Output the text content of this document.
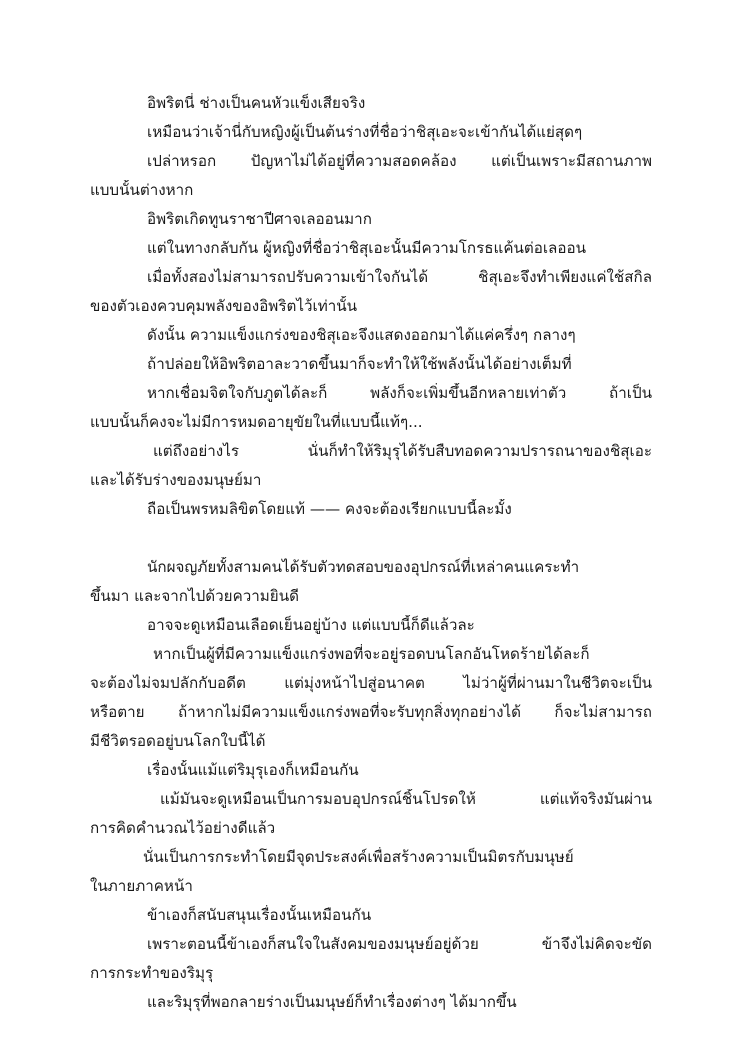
อิพริตนี่ ช่างเป็นคนหัวแข็งเสียจริง
เหมือนว่าเจ้านี่กับหญิงผู้เป็นต้นร่างที่ชื่อว่าชิสุเอะจะเข้ากันได้แย่สุดๆ
เปล่าหรอก ปัญหาไม่ได้อยู่ที่ความสอดคล้อง แต่เป็นเพราะมีสถานภาพ
แบบนั้นต่างหาก
อิพริตเกิดทูนราชาปีศาจเลออนมาก
แต่ในทางกลับกัน ผู้หญิงที่ชื่อว่าชิสุเอะนั้นมีความโกรธแค้นต่อเลออน
เมื่อทั้งสองไม่สามารถปรับความเข้าใจกันได้ ชิสุเอะจึงทำเพียงแค่ใช้สกิล
ของตัวเองควบคุมพลังของอิพริตไว้เท่านั้น
ดังนั้น ความแข็งแกร่งของชิสุเอะจึงแสดงออกมาได้แค่ครึ่งๆ กลางๆ
ถ้าปล่อยให้อิพริตอาละวาดขึ้นมาก็จะทำให้ใช้พลังนั้นได้อย่างเต็มที่
หากเชื่อมจิตใจกับภูตได้ละก็ พลังก็จะเพิ่มขึ้นอีกหลายเท่าตัว ถ้าเป็น
แบบนั้นก็คงจะไม่มีการหมดอายุขัยในที่แบบนี้แท้ๆ...
แต่ถึงอย่างไร นั่นก็ทำให้ริมุรุได้รับสืบทอดความปรารถนาของชิสุเอะ
และได้รับร่างของมนุษย์มา
ถือเป็นพรหมลิขิตโดยแท้ —— คงจะต้องเรียกแบบนี้ละมั้ง
นักผจญภัยทั้งสามคนได้รับตัวทดสอบของอุปกรณ์ที่เหล่าคนแคระทำ
ขึ้นมา และจากไปด้วยความยินดี
อาจจะดูเหมือนเลือดเย็นอยู่บ้าง แต่แบบนี้ก็ดีแล้วละ
หากเป็นผู้ที่มีความแข็งแกร่งพอที่จะอยู่รอดบนโลกอันโหดร้ายได้ละก็
จะต้องไม่จมปลักกับอดีต แต่มุ่งหน้าไปสู่อนาคต ไม่ว่าผู้ที่ผ่านมาในชีวิตจะเป็น
หรือตาย ถ้าหากไม่มีความแข็งแกร่งพอที่จะรับทุกสิ่งทุกอย่างได้ ก็จะไม่สามารถ
มีชีวิตรอดอยู่บนโลกใบนี้ได้
เรื่องนั้นแม้แต่ริมุรุเองก็เหมือนกัน
แม้มันจะดูเหมือนเป็นการมอบอุปกรณ์ชิ้นโปรดให้ แต่แท้จริงมันผ่าน
การคิดคำนวณไว้อย่างดีแล้ว
นั่นเป็นการกระทำโดยมีจุดประสงค์เพื่อสร้างความเป็นมิตรกับมนุษย์
ในภายภาคหน้า
ข้าเองก็สนับสนุนเรื่องนั้นเหมือนกัน
เพราะตอนนี้ข้าเองก็สนใจในสังคมของมนุษย์อยู่ด้วย ข้าจึงไม่คิดจะขัด
การกระทำของริมุรุ
และริมุรุที่พอกลายร่างเป็นมนุษย์ก็ทำเรื่องต่างๆ ได้มากขึ้น
